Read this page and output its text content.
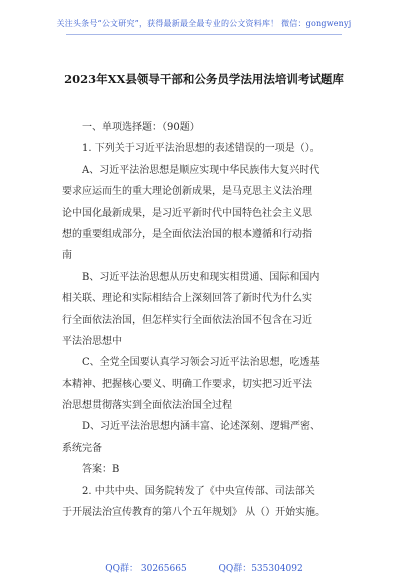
关注头条号“公文研究”，获得最新最全最专业的公文资料库！ 微信：gongwenyj
2023年XX县领导干部和公务员学法用法培训考试题库
一、单项选择题：（90题）
1. 下列关于习近平法治思想的表述错误的一项是（）。
A、习近平法治思想是顺应实现中华民族伟大复兴时代
要求应运而生的重大理论创新成果，是马克思主义法治理
论中国化最新成果，是习近平新时代中国特色社会主义思
想的重要组成部分，是全面依法治国的根本遵循和行动指
南
B、习近平法治思想从历史和现实相贯通、国际和国内
相关联、理论和实际相结合上深刻回答了新时代为什么实
行全面依法治国，但怎样实行全面依法治国不包含在习近
平法治思想中
C、全党全国要认真学习领会习近平法治思想，吃透基
本精神、把握核心要义、明确工作要求，切实把习近平法
治思想贯彻落实到全面依法治国全过程
D、习近平法治思想内涵丰富、论述深刻、逻辑严密、
系统完备
答案：B
2. 中共中央、国务院转发了《中央宣传部、司法部关
于开展法治宣传教育的第八个五年规划》 从（）开始实施。
QQ群： 30265665	QQ群：535304092
